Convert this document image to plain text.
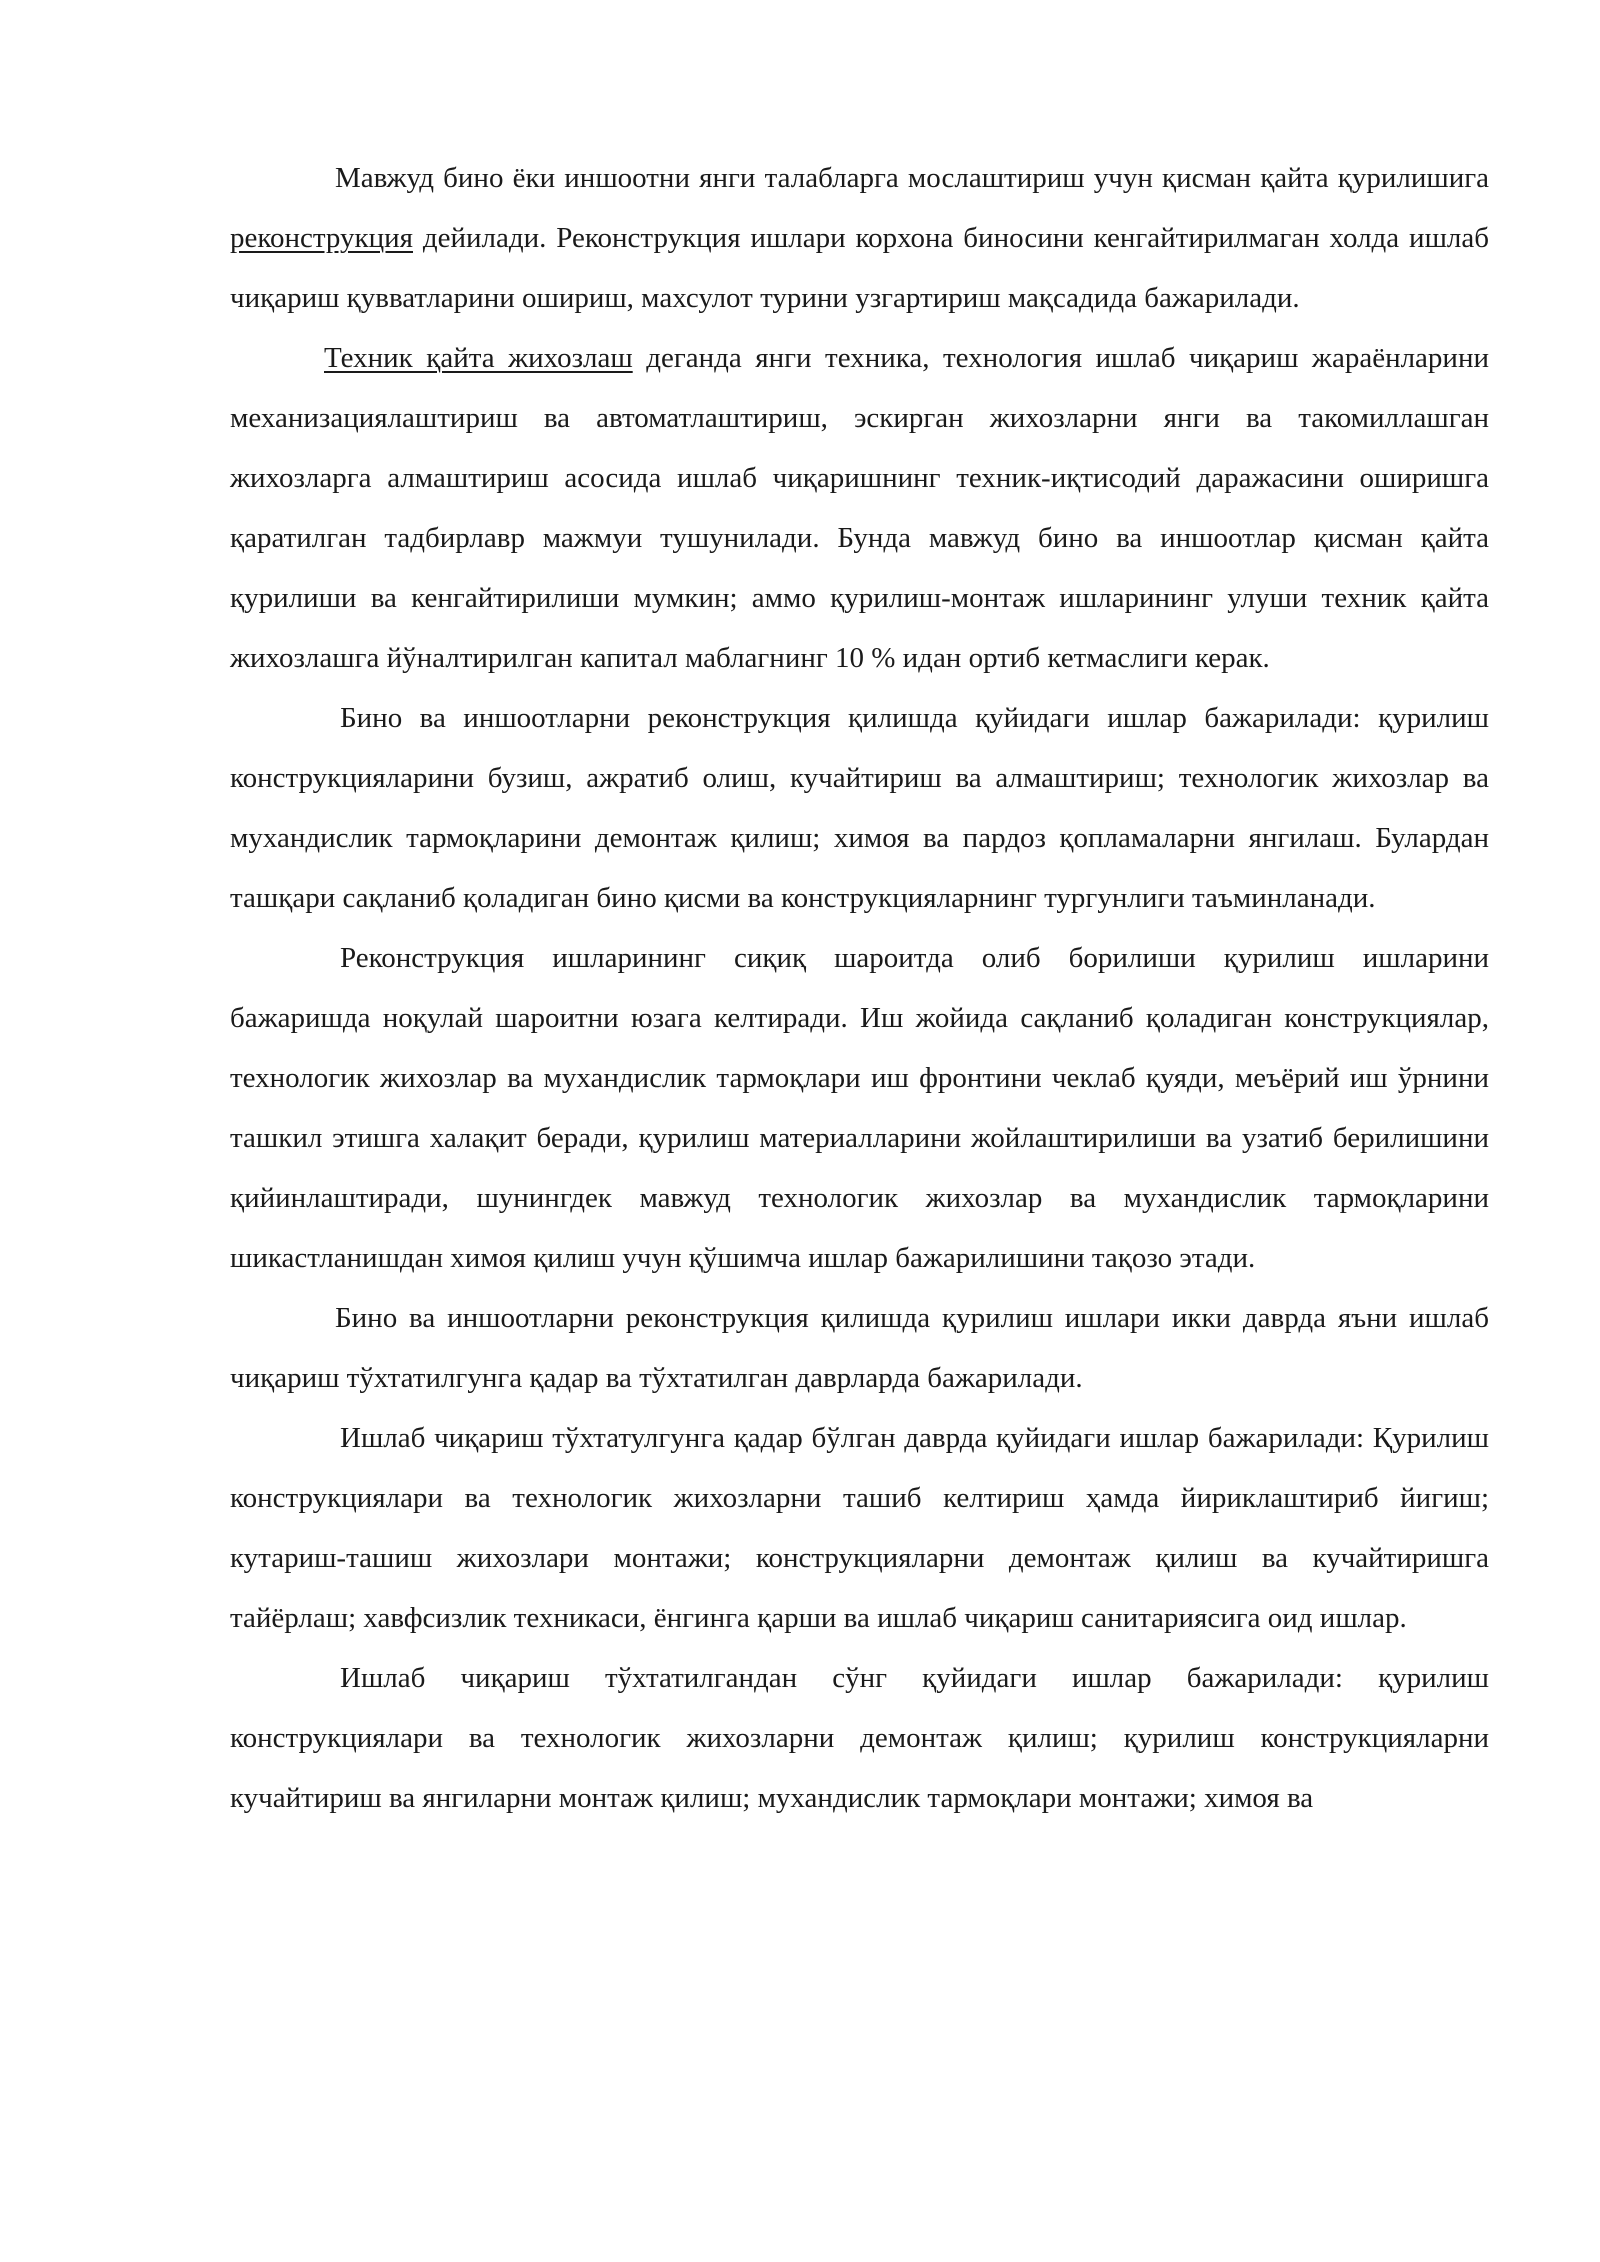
Мавжуд бино ёки иншоотни янги талабларга мослаштириш учун қисман қайта қурилишига реконструкция дейилади. Реконструкция ишлари корхона биносини кенгайтирилмаган холда ишлаб чиқариш қувватларини ошириш, махсулот турини узгартириш мақсадида бажарилади.

Техник қайта жихозлаш деганда янги техника, технология ишлаб чиқариш жараёнларини механизациялаштириш ва автоматлаштириш, эскирган жихозларни янги ва такомиллашган жихозларга алмаштириш асосида ишлаб чиқаришнинг техник-иқтисодий даражасини оширишга қаратилган тадбирлавр мажмуи тушунилади. Бунда мавжуд бино ва иншоотлар қисман қайта қурилиши ва кенгайтирилиши мумкин; аммо қурилиш-монтаж ишларининг улуши техник қайта жихозлашга йўналтирилган капитал маблагнинг 10 % идан ортиб кетмаслиги керак.

Бино ва иншоотларни реконструкция қилишда қуйидаги ишлар бажарилади: қурилиш конструкцияларини бузиш, ажратиб олиш, кучайтириш ва алмаштириш; технологик жихозлар ва мухандислик тармоқларини демонтаж қилиш; химоя ва пардоз қопламаларни янгилаш. Булардан ташқари сақланиб қоладиган бино қисми ва конструкцияларнинг тургунлиги таъминланади.

Реконструкция ишларининг сиқиқ шароитда олиб борилиши қурилиш ишларини бажаришда ноқулай шароитни юзага келтиради. Иш жойида сақланиб қоладиган конструкциялар, технологик жихозлар ва мухандислик тармоқлари иш фронтини чеклаб қуяди, меъёрий иш ўрнини ташкил этишга халақит беради, қурилиш материалларини жойлаштирилиши ва узатиб берилишини қийинлаштиради, шунингдек мавжуд технологик жихозлар ва мухандислик тармоқларини шикастланишдан химоя қилиш учун қўшимча ишлар бажарилишини тақозо этади.

Бино ва иншоотларни реконструкция қилишда қурилиш ишлари икки даврда яъни ишлаб чиқариш тўхтатилгунга қадар ва тўхтатилган даврларда бажарилади.

Ишлаб чиқариш тўхтатулгунга қадар бўлган даврда қуйидаги ишлар бажарилади: Қурилиш конструкциялари ва технологик жихозларни ташиб келтириш ҳамда йириклаштириб йигиш; кутариш-ташиш жихозлари монтажи; конструкцияларни демонтаж қилиш ва кучайтиришга тайёрлаш; хавфсизлик техникаси, ёнгинга қарши ва ишлаб чиқариш санитариясига оид ишлар.

Ишлаб чиқариш тўхтатилгандан сўнг қуйидаги ишлар бажарилади: қурилиш конструкциялари ва технологик жихозларни демонтаж қилиш; қурилиш конструкцияларни кучайтириш ва янгиларни монтаж қилиш; мухандислик тармоқлари монтажи; химоя ва
